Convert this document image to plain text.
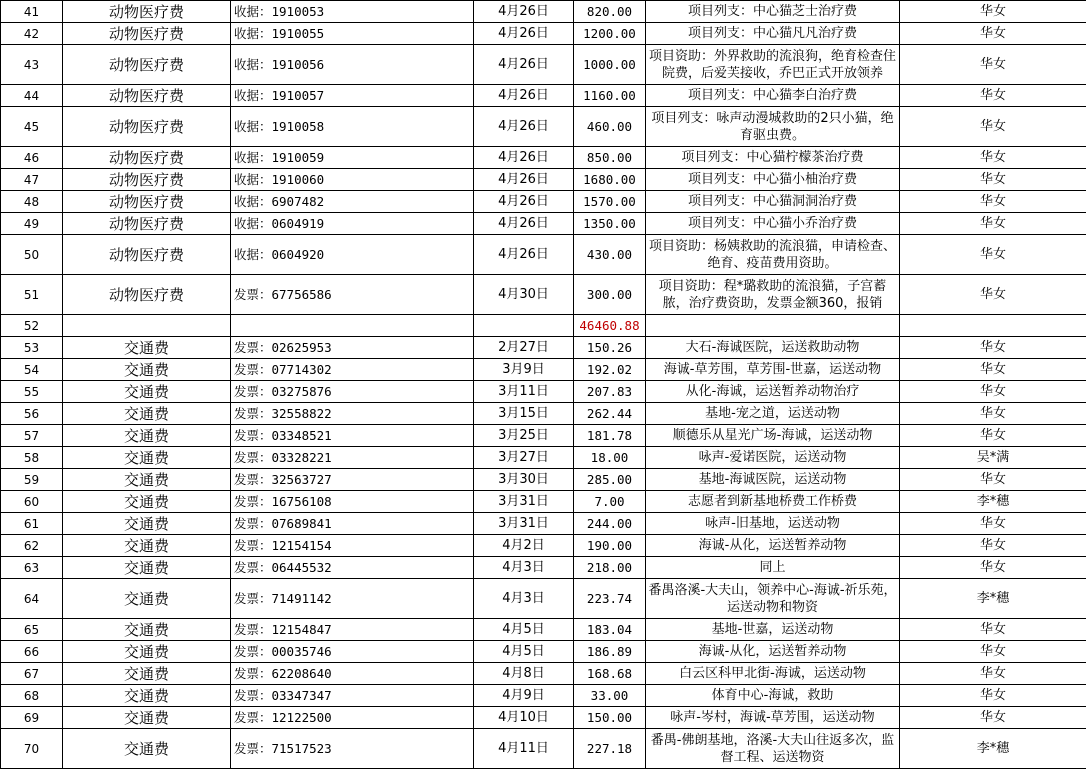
41	动物医疗费	收据：1910053	4月26日	820.00	项目列支：中心猫芝士治疗费	华女
42	动物医疗费	收据：1910055	4月26日	1200.00	项目列支：中心猫凡凡治疗费	华女
43	动物医疗费	收据：1910056	4月26日	1000.00	项目资助：外界救助的流浪狗，绝育检查住院费，后爱芙接收，乔巴正式开放领养	华女
44	动物医疗费	收据：1910057	4月26日	1160.00	项目列支：中心猫李白治疗费	华女
45	动物医疗费	收据：1910058	4月26日	460.00	项目列支：咏声动漫城救助的2只小猫，绝育驱虫费。	华女
46	动物医疗费	收据：1910059	4月26日	850.00	项目列支：中心猫柠檬茶治疗费	华女
47	动物医疗费	收据：1910060	4月26日	1680.00	项目列支：中心猫小柚治疗费	华女
48	动物医疗费	收据：6907482	4月26日	1570.00	项目列支：中心猫洞洞治疗费	华女
49	动物医疗费	收据：0604919	4月26日	1350.00	项目列支：中心猫小乔治疗费	华女
50	动物医疗费	收据：0604920	4月26日	430.00	项目资助：杨姨救助的流浪猫，申请检查、绝育、疫苗费用资助。	华女
51	动物医疗费	发票：67756586	4月30日	300.00	项目资助：程*璐救助的流浪猫，子宫蓄脓，治疗费资助，发票金额360，报销	华女
52				46460.88		
53	交通费	发票：02625953	2月27日	150.26	大石-海诚医院，运送救助动物	华女
54	交通费	发票：07714302	3月9日	192.02	海诚-草芳围，草芳围-世嘉，运送动物	华女
55	交通费	发票：03275876	3月11日	207.83	从化-海诚，运送暂养动物治疗	华女
56	交通费	发票：32558822	3月15日	262.44	基地-宠之道，运送动物	华女
57	交通费	发票：03348521	3月25日	181.78	顺德乐从星光广场-海诚，运送动物	华女
58	交通费	发票：03328221	3月27日	18.00	咏声-爱诺医院，运送动物	吴*满
59	交通费	发票：32563727	3月30日	285.00	基地-海诚医院，运送动物	华女
60	交通费	发票：16756108	3月31日	7.00	志愿者到新基地桥费工作桥费	李*穗
61	交通费	发票：07689841	3月31日	244.00	咏声-旧基地，运送动物	华女
62	交通费	发票：12154154	4月2日	190.00	海诚-从化，运送暂养动物	华女
63	交通费	发票：06445532	4月3日	218.00	同上	华女
64	交通费	发票：71491142	4月3日	223.74	番禺洛溪-大夫山，领养中心-海诚-祈乐苑，运送动物和物资	李*穗
65	交通费	发票：12154847	4月5日	183.04	基地-世嘉，运送动物	华女
66	交通费	发票：00035746	4月5日	186.89	海诚-从化，运送暂养动物	华女
67	交通费	发票：62208640	4月8日	168.68	白云区科甲北街-海诚，运送动物	华女
68	交通费	发票：03347347	4月9日	33.00	体育中心-海诚，救助	华女
69	交通费	发票：12122500	4月10日	150.00	咏声-岑村，海诚-草芳围，运送动物	华女
70	交通费	发票：71517523	4月11日	227.18	番禺-佛朗基地，洛溪-大夫山往返多次，监督工程、运送物资	李*穗
